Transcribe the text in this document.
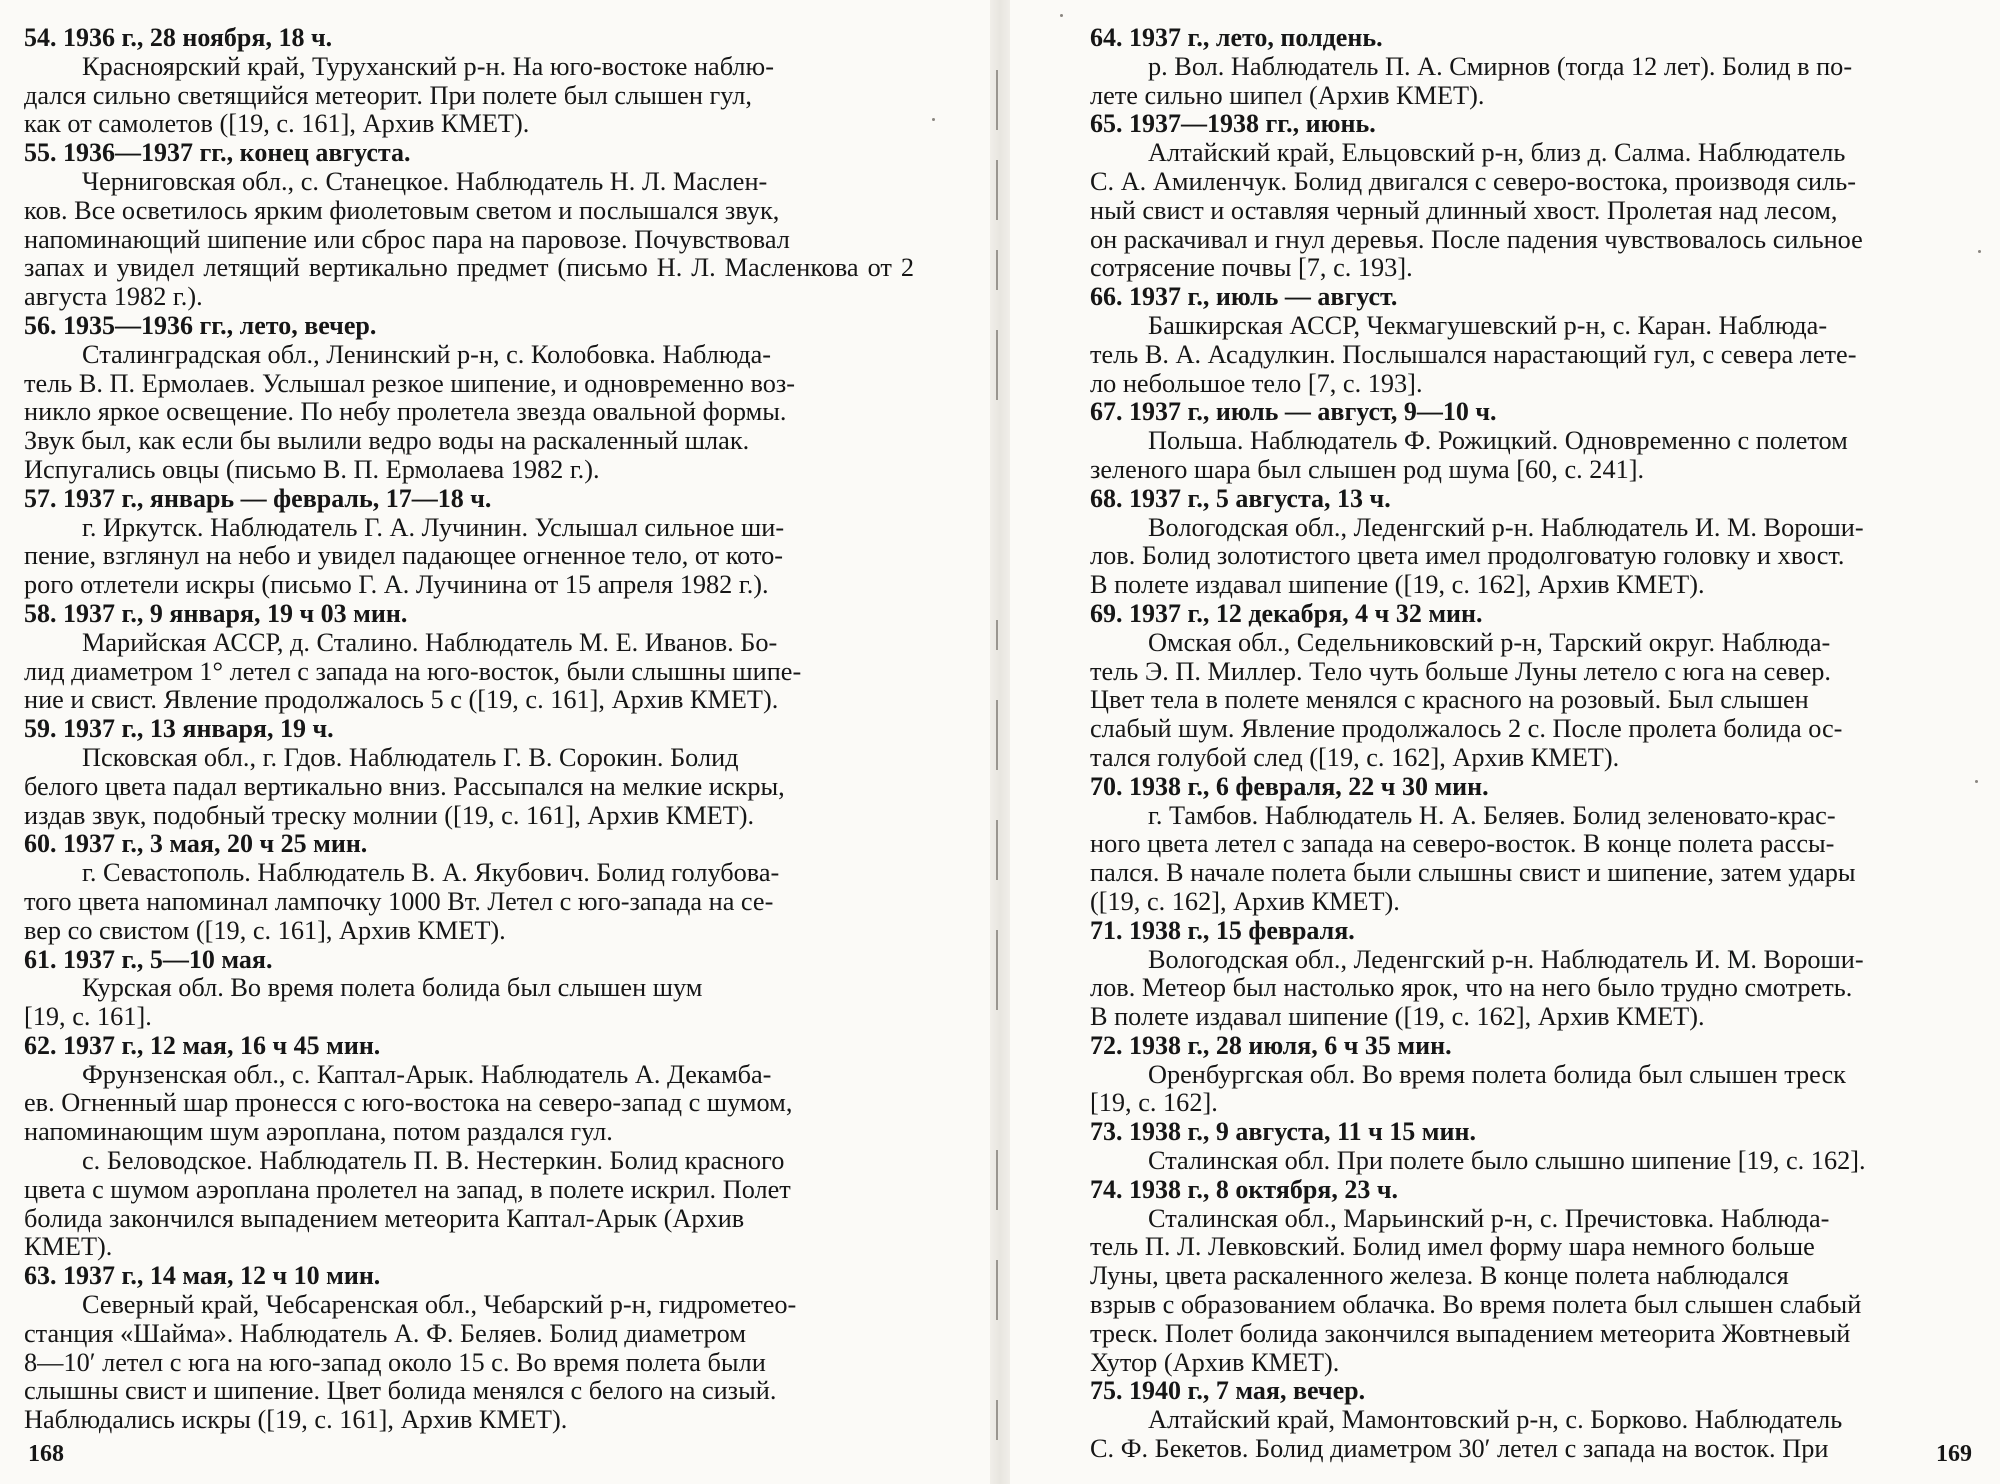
54. 1936 г., 28 ноября, 18 ч.

Красноярский край, Туруханский р-н. На юго-востоке наблю-
дался сильно светящийся метеорит. При полете был слышен гул,
как от самолетов ([19, с. 161], Архив КМЕТ).

55. 1936—1937 гг., конец августа.

Черниговская обл., с. Станецкое. Наблюдатель Н. Л. Маслен-
ков. Все осветилось ярким фиолетовым светом и послышался звук,
напоминающий шипение или сброс пара на паровозе. Почувствовал
запах и увидел летящий вертикально предмет (письмо Н. Л. Масленкова от 2 августа 1982 г.).

56. 1935—1936 гг., лето, вечер.

Сталинградская обл., Ленинский р-н, с. Колобовка. Наблюда-
тель В. П. Ермолаев. Услышал резкое шипение, и одновременно воз-
никло яркое освещение. По небу пролетела звезда овальной формы.
Звук был, как если бы вылили ведро воды на раскаленный шлак.
Испугались овцы (письмо В. П. Ермолаева 1982 г.).

57. 1937 г., январь — февраль, 17—18 ч.

г. Иркутск. Наблюдатель Г. А. Лучинин. Услышал сильное ши-
пение, взглянул на небо и увидел падающее огненное тело, от кото-
рого отлетели искры (письмо Г. А. Лучинина от 15 апреля 1982 г.).

58. 1937 г., 9 января, 19 ч 03 мин.

Марийская АССР, д. Сталино. Наблюдатель М. Е. Иванов. Бо-
лид диаметром 1° летел с запада на юго-восток, были слышны шипе-
ние и свист. Явление продолжалось 5 с ([19, с. 161], Архив КМЕТ).

59. 1937 г., 13 января, 19 ч.

Псковская обл., г. Гдов. Наблюдатель Г. В. Сорокин. Болид
белого цвета падал вертикально вниз. Рассыпался на мелкие искры,
издав звук, подобный треску молнии ([19, с. 161], Архив КМЕТ).

60. 1937 г., 3 мая, 20 ч 25 мин.

г. Севастополь. Наблюдатель В. А. Якубович. Болид голубова-
того цвета напоминал лампочку 1000 Вт. Летел с юго-запада на се-
вер со свистом ([19, с. 161], Архив КМЕТ).

61. 1937 г., 5—10 мая.

Курская обл. Во время полета болида был слышен шум
[19, с. 161].

62. 1937 г., 12 мая, 16 ч 45 мин.

Фрунзенская обл., с. Каптал-Арык. Наблюдатель А. Декамба-
ев. Огненный шар пронесся с юго-востока на северо-запад с шумом,
напоминающим шум аэроплана, потом раздался гул.

с. Беловодское. Наблюдатель П. В. Нестеркин. Болид красного
цвета с шумом аэроплана пролетел на запад, в полете искрил. Полет
болида закончился выпадением метеорита Каптал-Арык (Архив
КМЕТ).

63. 1937 г., 14 мая, 12 ч 10 мин.

Северный край, Чебсаренская обл., Чебарский р-н, гидрометео-
станция «Шайма». Наблюдатель А. Ф. Беляев. Болид диаметром
8—10′ летел с юга на юго-запад около 15 с. Во время полета были
слышны свист и шипение. Цвет болида менялся с белого на сизый.
Наблюдались искры ([19, с. 161], Архив КМЕТ).

168
64. 1937 г., лето, полдень.

р. Вол. Наблюдатель П. А. Смирнов (тогда 12 лет). Болид в по-
лете сильно шипел (Архив КМЕТ).

65. 1937—1938 гг., июнь.

Алтайский край, Ельцовский р-н, близ д. Салма. Наблюдатель
С. А. Амиленчук. Болид двигался с северо-востока, производя силь-
ный свист и оставляя черный длинный хвост. Пролетая над лесом,
он раскачивал и гнул деревья. После падения чувствовалось сильное
сотрясение почвы [7, с. 193].

66. 1937 г., июль — август.

Башкирская АССР, Чекмагушевский р-н, с. Каран. Наблюда-
тель В. А. Асадулкин. Послышался нарастающий гул, с севера лете-
ло небольшое тело [7, с. 193].

67. 1937 г., июль — август, 9—10 ч.

Польша. Наблюдатель Ф. Рожицкий. Одновременно с полетом
зеленого шара был слышен род шума [60, с. 241].

68. 1937 г., 5 августа, 13 ч.

Вологодская обл., Леденгский р-н. Наблюдатель И. М. Вороши-
лов. Болид золотистого цвета имел продолговатую головку и хвост.
В полете издавал шипение ([19, с. 162], Архив КМЕТ).

69. 1937 г., 12 декабря, 4 ч 32 мин.

Омская обл., Седельниковский р-н, Тарский округ. Наблюда-
тель Э. П. Миллер. Тело чуть больше Луны летело с юга на север.
Цвет тела в полете менялся с красного на розовый. Был слышен
слабый шум. Явление продолжалось 2 с. После пролета болида ос-
тался голубой след ([19, с. 162], Архив КМЕТ).

70. 1938 г., 6 февраля, 22 ч 30 мин.

г. Тамбов. Наблюдатель Н. А. Беляев. Болид зеленовато-крас-
ного цвета летел с запада на северо-восток. В конце полета рассы-
пался. В начале полета были слышны свист и шипение, затем удары
([19, с. 162], Архив КМЕТ).

71. 1938 г., 15 февраля.

Вологодская обл., Леденгский р-н. Наблюдатель И. М. Вороши-
лов. Метеор был настолько ярок, что на него было трудно смотреть.
В полете издавал шипение ([19, с. 162], Архив КМЕТ).

72. 1938 г., 28 июля, 6 ч 35 мин.

Оренбургская обл. Во время полета болида был слышен треск
[19, с. 162].

73. 1938 г., 9 августа, 11 ч 15 мин.

Сталинская обл. При полете было слышно шипение [19, с. 162].

74. 1938 г., 8 октября, 23 ч.

Сталинская обл., Марьинский р-н, с. Пречистовка. Наблюда-
тель П. Л. Левковский. Болид имел форму шара немного больше
Луны, цвета раскаленного железа. В конце полета наблюдался
взрыв с образованием облачка. Во время полета был слышен слабый
треск. Полет болида закончился выпадением метеорита Жовтневый
Хутор (Архив КМЕТ).

75. 1940 г., 7 мая, вечер.

Алтайский край, Мамонтовский р-н, с. Борково. Наблюдатель
С. Ф. Бекетов. Болид диаметром 30′ летел с запада на восток. При	169
